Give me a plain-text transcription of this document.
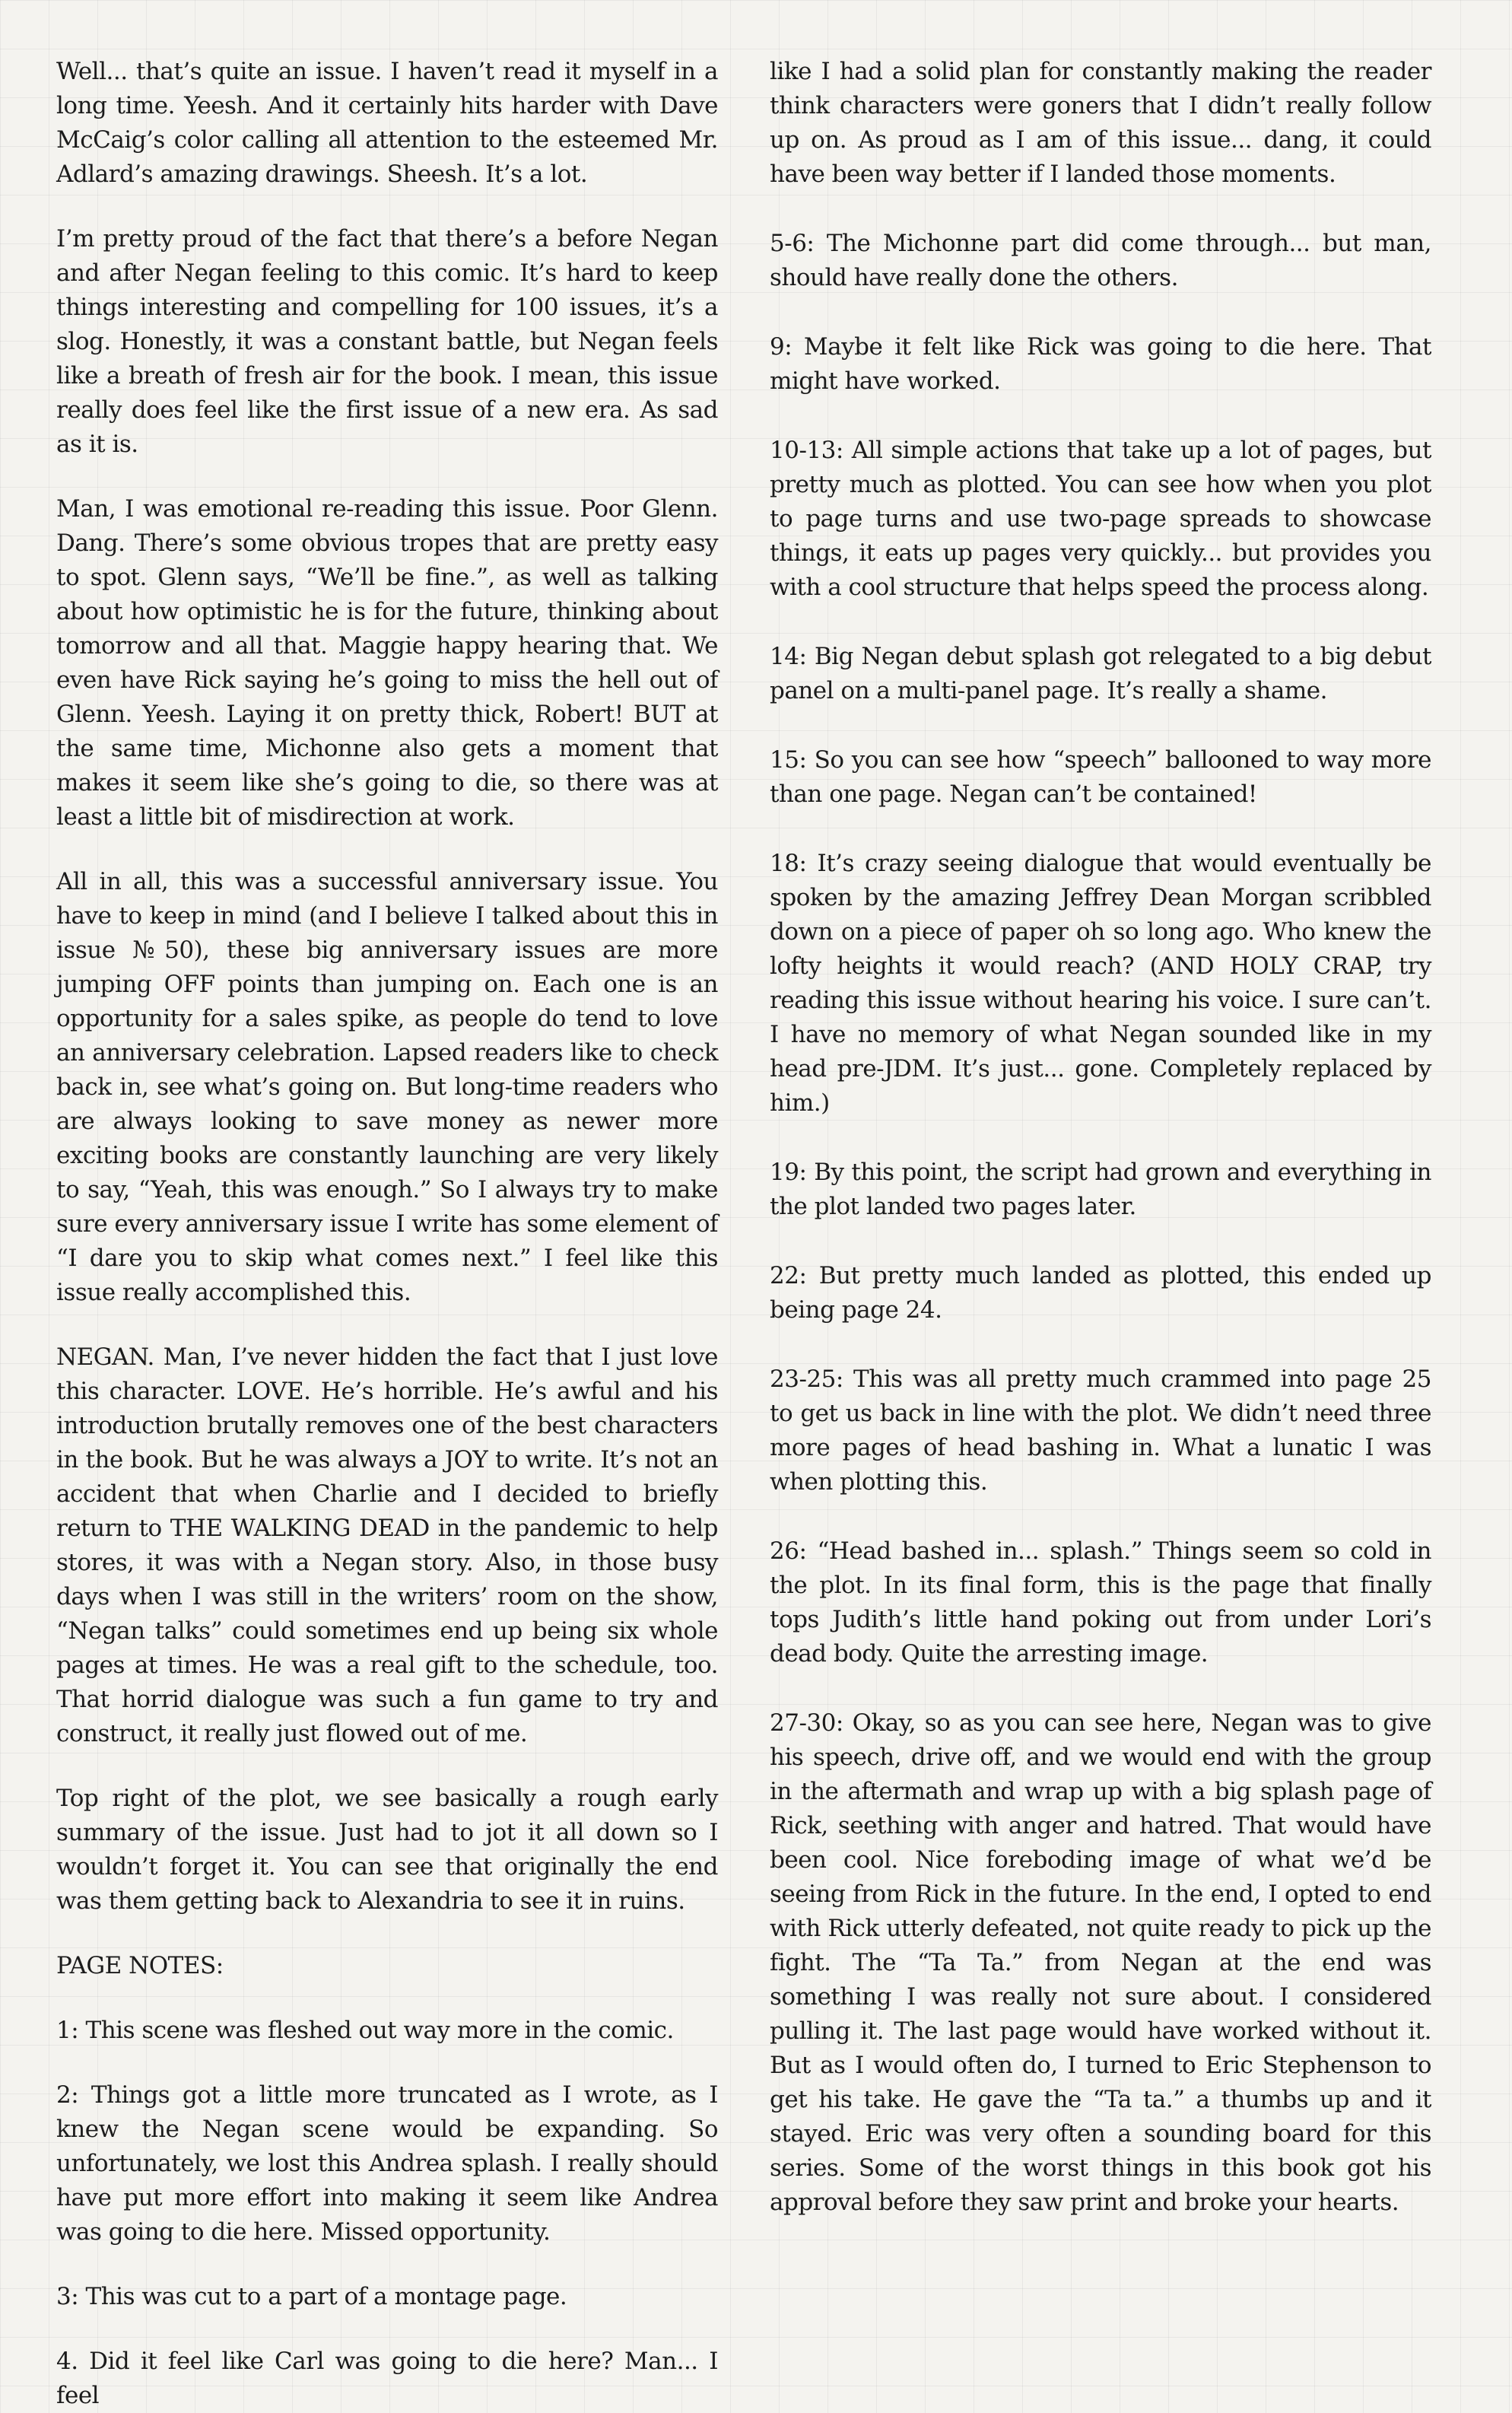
Well... that’s quite an issue. I haven’t read it myself in a long time. Yeesh. And it certainly hits harder with Dave McCaig’s color calling all attention to the esteemed Mr. Adlard’s amazing drawings. Sheesh. It’s a lot.

I’m pretty proud of the fact that there’s a before Negan and after Negan feeling to this comic. It’s hard to keep things interesting and compelling for 100 issues, it’s a slog. Honestly, it was a constant battle, but Negan feels like a breath of fresh air for the book. I mean, this issue really does feel like the first issue of a new era. As sad as it is.

Man, I was emotional re-reading this issue. Poor Glenn. Dang. There’s some obvious tropes that are pretty easy to spot. Glenn says, “We’ll be fine.”, as well as talking about how optimistic he is for the future, thinking about tomorrow and all that. Maggie happy hearing that. We even have Rick saying he’s going to miss the hell out of Glenn. Yeesh. Laying it on pretty thick, Robert! BUT at the same time, Michonne also gets a moment that makes it seem like she’s going to die, so there was at least a little bit of misdirection at work.

All in all, this was a successful anniversary issue. You have to keep in mind (and I believe I talked about this in issue №50), these big anniversary issues are more jumping OFF points than jumping on. Each one is an opportunity for a sales spike, as people do tend to love an anniversary celebration. Lapsed readers like to check back in, see what’s going on. But long-time readers who are always looking to save money as newer more exciting books are constantly launching are very likely to say, “Yeah, this was enough.” So I always try to make sure every anniversary issue I write has some element of “I dare you to skip what comes next.” I feel like this issue really accomplished this.

NEGAN. Man, I’ve never hidden the fact that I just love this character. LOVE. He’s horrible. He’s awful and his introduction brutally removes one of the best characters in the book. But he was always a JOY to write. It’s not an accident that when Charlie and I decided to briefly return to THE WALKING DEAD in the pandemic to help stores, it was with a Negan story. Also, in those busy days when I was still in the writers’ room on the show, “Negan talks” could sometimes end up being six whole pages at times. He was a real gift to the schedule, too. That horrid dialogue was such a fun game to try and construct, it really just flowed out of me.

Top right of the plot, we see basically a rough early summary of the issue. Just had to jot it all down so I wouldn’t forget it. You can see that originally the end was them getting back to Alexandria to see it in ruins.

PAGE NOTES:

1: This scene was fleshed out way more in the comic.

2: Things got a little more truncated as I wrote, as I knew the Negan scene would be expanding. So unfortunately, we lost this Andrea splash. I really should have put more effort into making it seem like Andrea was going to die here. Missed opportunity.

3: This was cut to a part of a montage page.

4. Did it feel like Carl was going to die here? Man... I feel

like I had a solid plan for constantly making the reader think characters were goners that I didn’t really follow up on. As proud as I am of this issue... dang, it could have been way better if I landed those moments.

5-6: The Michonne part did come through... but man, should have really done the others.

9: Maybe it felt like Rick was going to die here. That might have worked.

10-13: All simple actions that take up a lot of pages, but pretty much as plotted. You can see how when you plot to page turns and use two-page spreads to showcase things, it eats up pages very quickly... but provides you with a cool structure that helps speed the process along.

14: Big Negan debut splash got relegated to a big debut panel on a multi-panel page. It’s really a shame.

15: So you can see how “speech” ballooned to way more than one page. Negan can’t be contained!

18: It’s crazy seeing dialogue that would eventually be spoken by the amazing Jeffrey Dean Morgan scribbled down on a piece of paper oh so long ago. Who knew the lofty heights it would reach? (AND HOLY CRAP, try reading this issue without hearing his voice. I sure can’t. I have no memory of what Negan sounded like in my head pre-JDM. It’s just... gone. Completely replaced by him.)

19: By this point, the script had grown and everything in the plot landed two pages later.

22: But pretty much landed as plotted, this ended up being page 24.

23-25: This was all pretty much crammed into page 25 to get us back in line with the plot. We didn’t need three more pages of head bashing in. What a lunatic I was when plotting this.

26: “Head bashed in... splash.” Things seem so cold in the plot. In its final form, this is the page that finally tops Judith’s little hand poking out from under Lori’s dead body. Quite the arresting image.

27-30: Okay, so as you can see here, Negan was to give his speech, drive off, and we would end with the group in the aftermath and wrap up with a big splash page of Rick, seething with anger and hatred. That would have been cool. Nice foreboding image of what we’d be seeing from Rick in the future. In the end, I opted to end with Rick utterly defeated, not quite ready to pick up the fight. The “Ta Ta.” from Negan at the end was something I was really not sure about. I considered pulling it. The last page would have worked without it. But as I would often do, I turned to Eric Stephenson to get his take. He gave the “Ta ta.” a thumbs up and it stayed. Eric was very often a sounding board for this series. Some of the worst things in this book got his approval before they saw print and broke your hearts.
